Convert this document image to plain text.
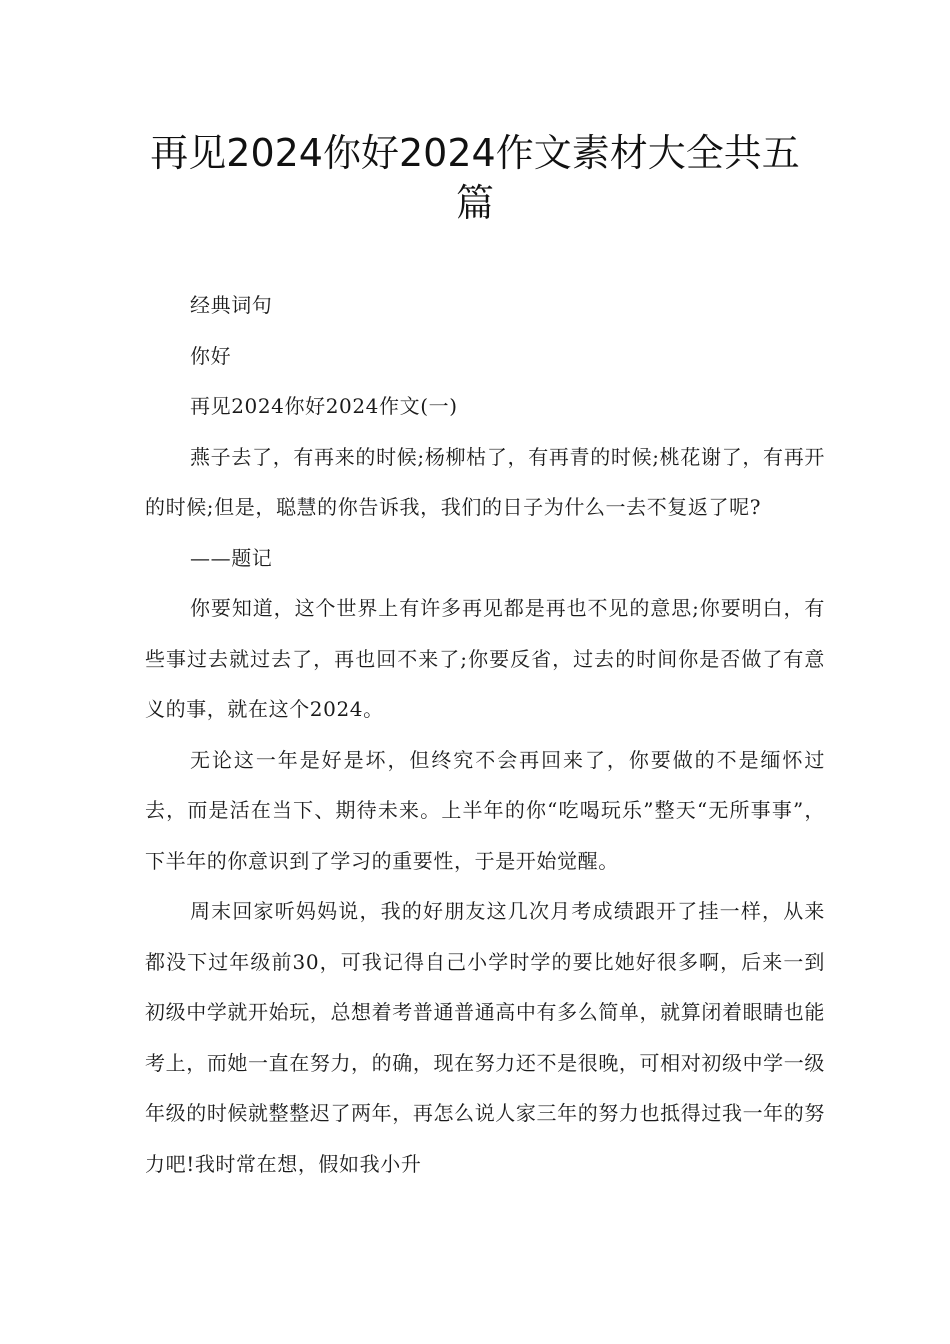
再见2024你好2024作文素材大全共五
篇

经典词句

你好

再见2024你好2024作文(一)

燕子去了，有再来的时候;杨柳枯了，有再青的时候;桃花谢了，有再开的时候;但是，聪慧的你告诉我，我们的日子为什么一去不复返了呢?

——题记

你要知道，这个世界上有许多再见都是再也不见的意思;你要明白，有些事过去就过去了，再也回不来了;你要反省，过去的时间你是否做了有意义的事，就在这个2024。

无论这一年是好是坏，但终究不会再回来了，你要做的不是缅怀过去，而是活在当下、期待未来。上半年的你“吃喝玩乐”整天“无所事事”，下半年的你意识到了学习的重要性，于是开始觉醒。

周末回家听妈妈说，我的好朋友这几次月考成绩跟开了挂一样，从来都没下过年级前30，可我记得自己小学时学的要比她好很多啊，后来一到初级中学就开始玩，总想着考普通普通高中有多么简单，就算闭着眼睛也能考上，而她一直在努力，的确，现在努力还不是很晚，可相对初级中学一级年级的时候就整整迟了两年，再怎么说人家三年的努力也抵得过我一年的努力吧!我时常在想，假如我小升
